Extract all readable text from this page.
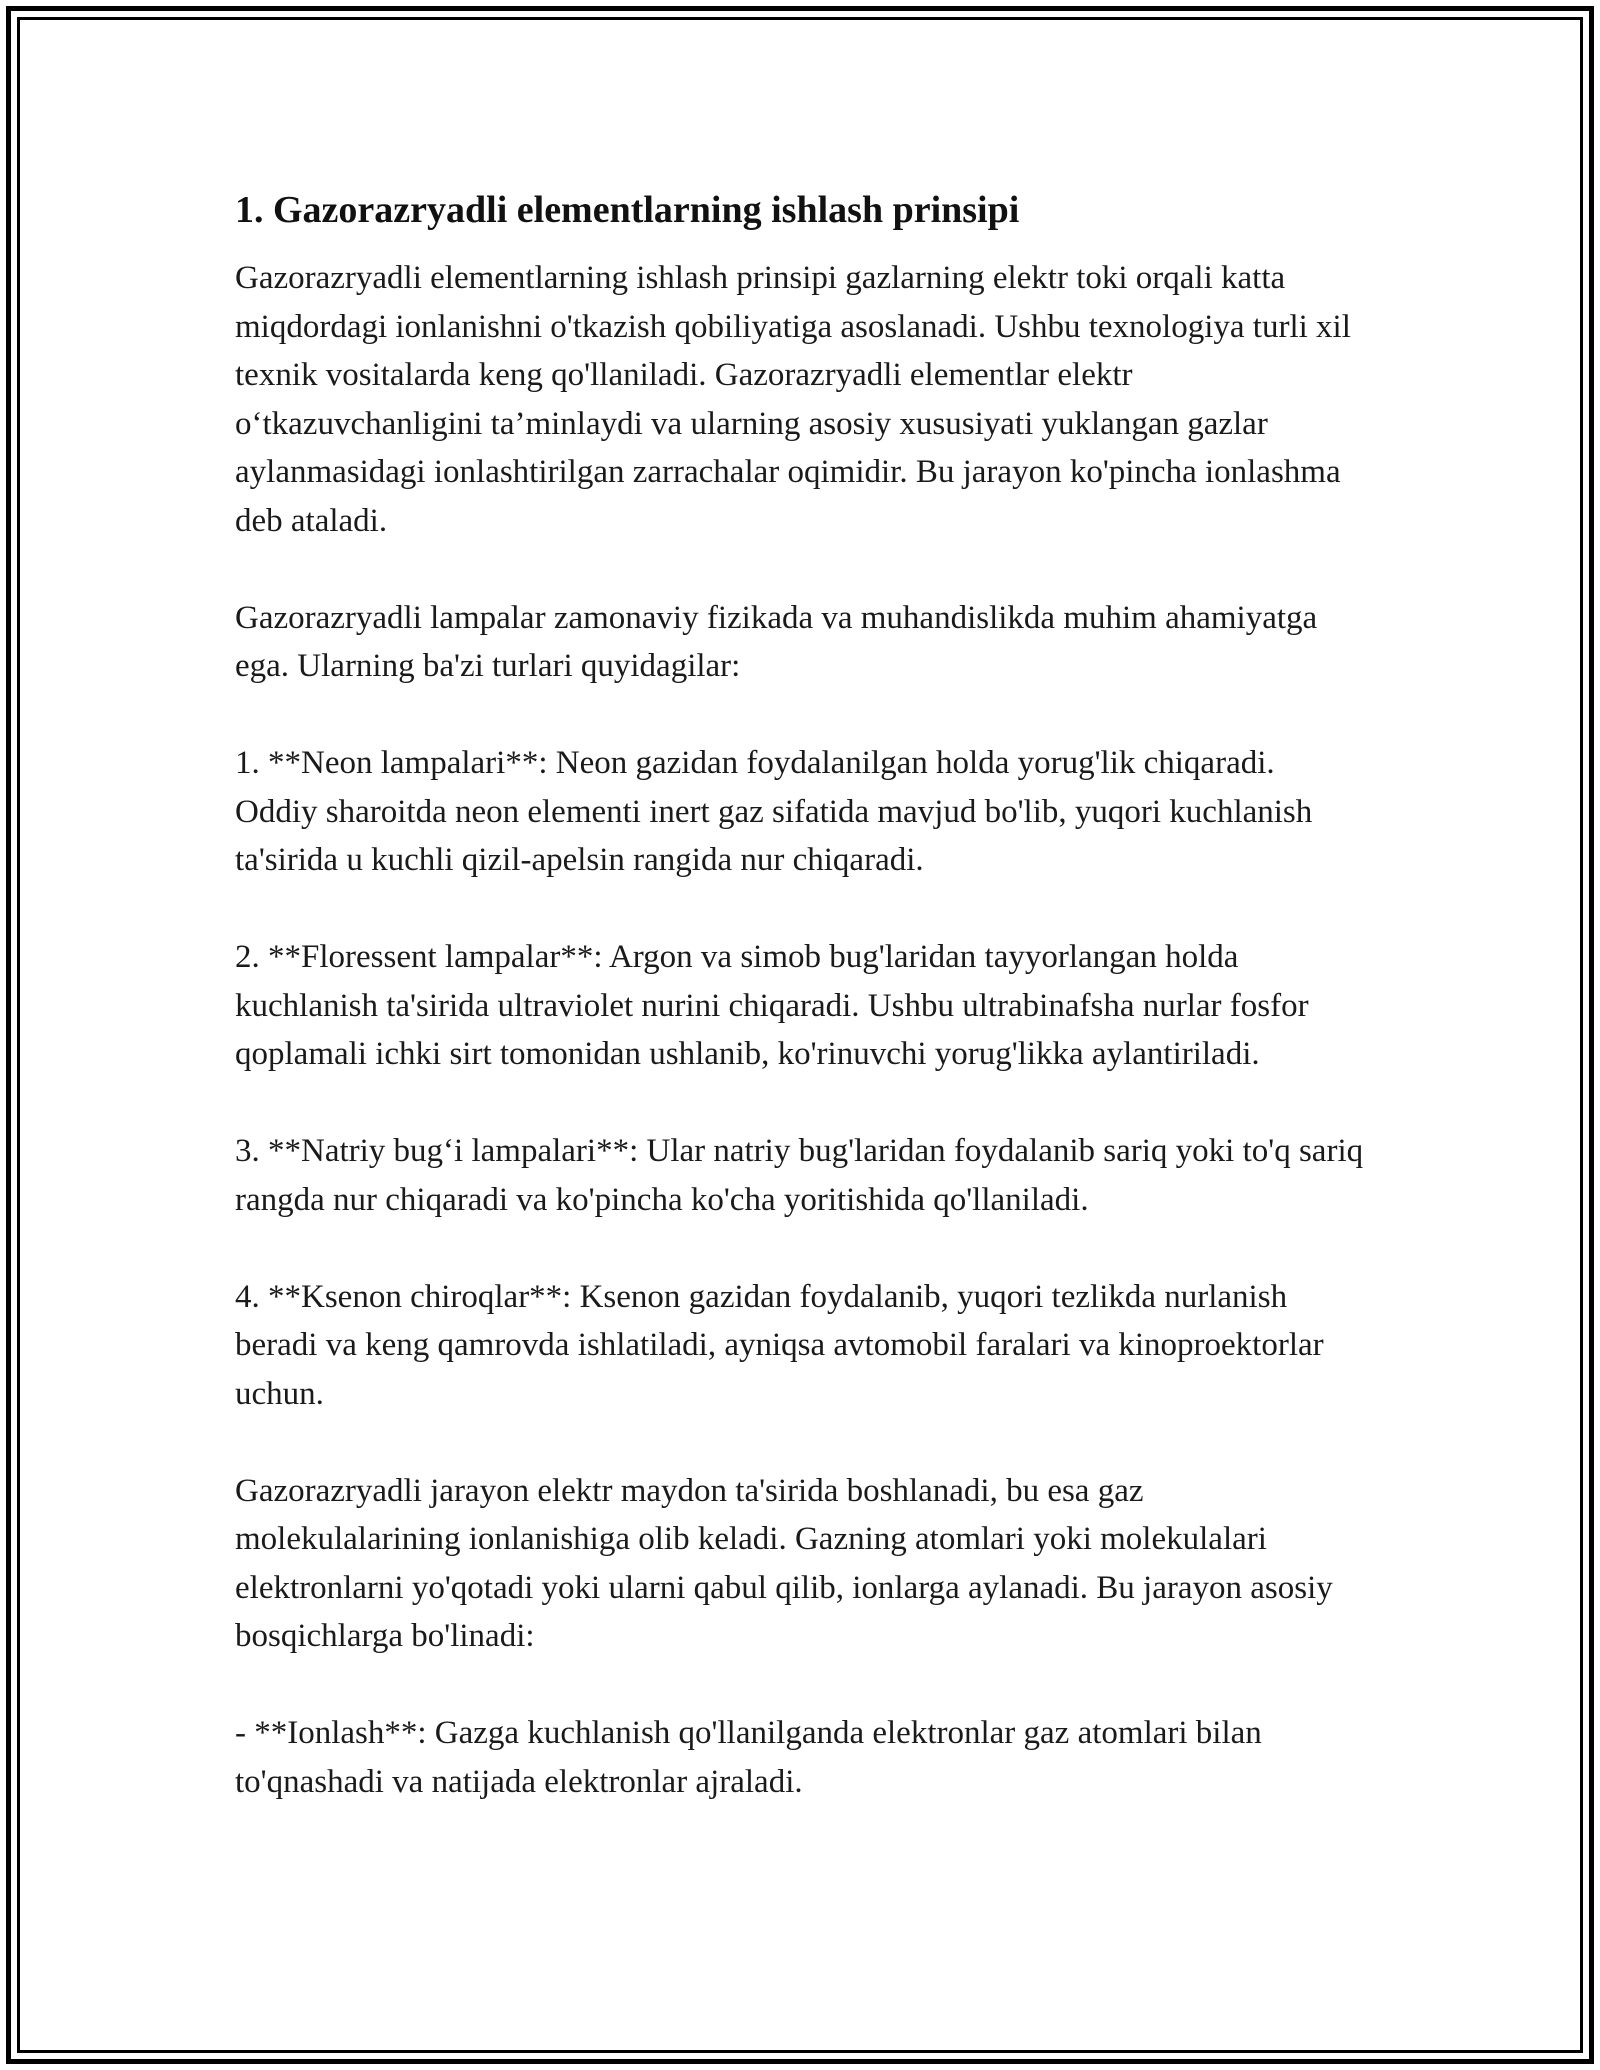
1. Gazorazryadli elementlarning ishlash prinsipi

Gazorazryadli elementlarning ishlash prinsipi gazlarning elektr toki orqali katta miqdordagi ionlanishni o'tkazish qobiliyatiga asoslanadi. Ushbu texnologiya turli xil texnik vositalarda keng qo'llaniladi. Gazorazryadli elementlar elektr o‘tkazuvchanligini ta’minlaydi va ularning asosiy xususiyati yuklangan gazlar aylanmasidagi ionlashtirilgan zarrachalar oqimidir. Bu jarayon ko'pincha ionlashma deb ataladi.

Gazorazryadli lampalar zamonaviy fizikada va muhandislikda muhim ahamiyatga ega. Ularning ba'zi turlari quyidagilar:

1. **Neon lampalari**: Neon gazidan foydalanilgan holda yorug'lik chiqaradi. Oddiy sharoitda neon elementi inert gaz sifatida mavjud bo'lib, yuqori kuchlanish ta'sirida u kuchli qizil-apelsin rangida nur chiqaradi.

2. **Floressent lampalar**: Argon va simob bug'laridan tayyorlangan holda kuchlanish ta'sirida ultraviolet nurini chiqaradi. Ushbu ultrabinafsha nurlar fosfor qoplamali ichki sirt tomonidan ushlanib, ko'rinuvchi yorug'likka aylantiriladi.

3. **Natriy bug‘i lampalari**: Ular natriy bug'laridan foydalanib sariq yoki to'q sariq rangda nur chiqaradi va ko'pincha ko'cha yoritishida qo'llaniladi.

4. **Ksenon chiroqlar**: Ksenon gazidan foydalanib, yuqori tezlikda nurlanish beradi va keng qamrovda ishlatiladi, ayniqsa avtomobil faralari va kinoproektorlar uchun.

Gazorazryadli jarayon elektr maydon ta'sirida boshlanadi, bu esa gaz molekulalarining ionlanishiga olib keladi. Gazning atomlari yoki molekulalari elektronlarni yo'qotadi yoki ularni qabul qilib, ionlarga aylanadi. Bu jarayon asosiy bosqichlarga bo'linadi:

- **Ionlash**: Gazga kuchlanish qo'llanilganda elektronlar gaz atomlari bilan to'qnashadi va natijada elektronlar ajraladi.
